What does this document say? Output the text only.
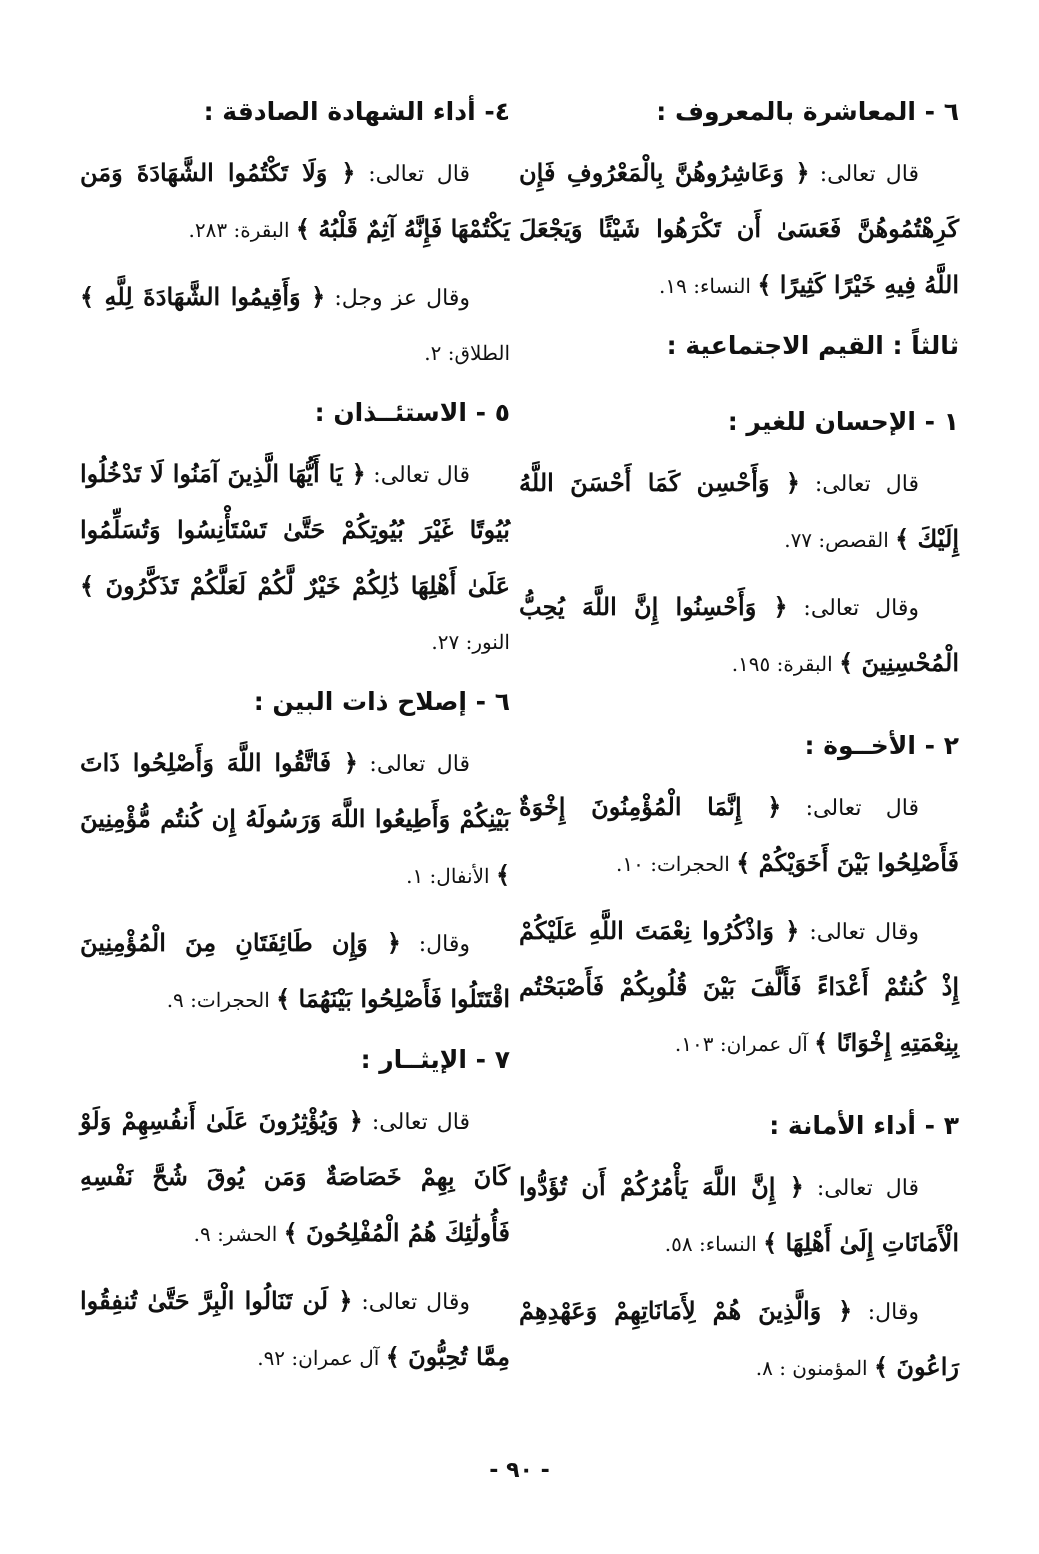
٦ - المعاشرة بالمعروف :

قال تعالى: ﴿ وَعَاشِرُوهُنَّ بِالْمَعْرُوفِ فَإِن كَرِهْتُمُوهُنَّ فَعَسَىٰ أَن تَكْرَهُوا شَيْئًا وَيَجْعَلَ اللَّهُ فِيهِ خَيْرًا كَثِيرًا ﴾ النساء: ١٩.

ثالثاً : القيم الاجتماعية :
١ - الإحسان للغير :

قال تعالى: ﴿ وَأَحْسِن كَمَا أَحْسَنَ اللَّهُ إِلَيْكَ ﴾ القصص: ٧٧.

وقال تعالى: ﴿ وَأَحْسِنُوا إِنَّ اللَّهَ يُحِبُّ الْمُحْسِنِينَ ﴾ البقرة: ١٩٥.

٢ - الأخــوة :

قال تعالى: ﴿ إِنَّمَا الْمُؤْمِنُونَ إِخْوَةٌ فَأَصْلِحُوا بَيْنَ أَخَوَيْكُمْ ﴾ الحجرات: ١٠.

وقال تعالى: ﴿ وَاذْكُرُوا نِعْمَتَ اللَّهِ عَلَيْكُمْ إِذْ كُنتُمْ أَعْدَاءً فَأَلَّفَ بَيْنَ قُلُوبِكُمْ فَأَصْبَحْتُم بِنِعْمَتِهِ إِخْوَانًا ﴾ آل عمران: ١٠٣.

٣ - أداء الأمانة :

قال تعالى: ﴿ إِنَّ اللَّهَ يَأْمُرُكُمْ أَن تُؤَدُّوا الْأَمَانَاتِ إِلَىٰ أَهْلِهَا ﴾ النساء: ٥٨.

وقال: ﴿ وَالَّذِينَ هُمْ لِأَمَانَاتِهِمْ وَعَهْدِهِمْ رَاعُونَ ﴾ المؤمنون : ٨.

٤- أداء الشهادة الصادقة :

قال تعالى: ﴿ وَلَا تَكْتُمُوا الشَّهَادَةَ وَمَن يَكْتُمْهَا فَإِنَّهُ آثِمٌ قَلْبُهُ ﴾ البقرة: ٢٨٣.

وقال عز وجل: ﴿ وَأَقِيمُوا الشَّهَادَةَ لِلَّهِ ﴾ الطلاق: ٢.

٥ - الاستئــذان :

قال تعالى: ﴿ يَا أَيُّهَا الَّذِينَ آمَنُوا لَا تَدْخُلُوا بُيُوتًا غَيْرَ بُيُوتِكُمْ حَتَّىٰ تَسْتَأْنِسُوا وَتُسَلِّمُوا عَلَىٰ أَهْلِهَا ذَٰلِكُمْ خَيْرٌ لَّكُمْ لَعَلَّكُمْ تَذَكَّرُونَ ﴾ النور: ٢٧.

٦ - إصلاح ذات البين :

قال تعالى: ﴿ فَاتَّقُوا اللَّهَ وَأَصْلِحُوا ذَاتَ بَيْنِكُمْ وَأَطِيعُوا اللَّهَ وَرَسُولَهُ إِن كُنتُم مُّؤْمِنِينَ ﴾ الأنفال: ١.

وقال: ﴿ وَإِن طَائِفَتَانِ مِنَ الْمُؤْمِنِينَ اقْتَتَلُوا فَأَصْلِحُوا بَيْنَهُمَا ﴾ الحجرات: ٩.

٧ - الإيثــار :

قال تعالى: ﴿ وَيُؤْثِرُونَ عَلَىٰ أَنفُسِهِمْ وَلَوْ كَانَ بِهِمْ خَصَاصَةٌ وَمَن يُوقَ شُحَّ نَفْسِهِ فَأُولَٰئِكَ هُمُ الْمُفْلِحُونَ ﴾ الحشر: ٩.

وقال تعالى: ﴿ لَن تَنَالُوا الْبِرَّ حَتَّىٰ تُنفِقُوا مِمَّا تُحِبُّونَ ﴾ آل عمران: ٩٢.

- ٩٠ -
